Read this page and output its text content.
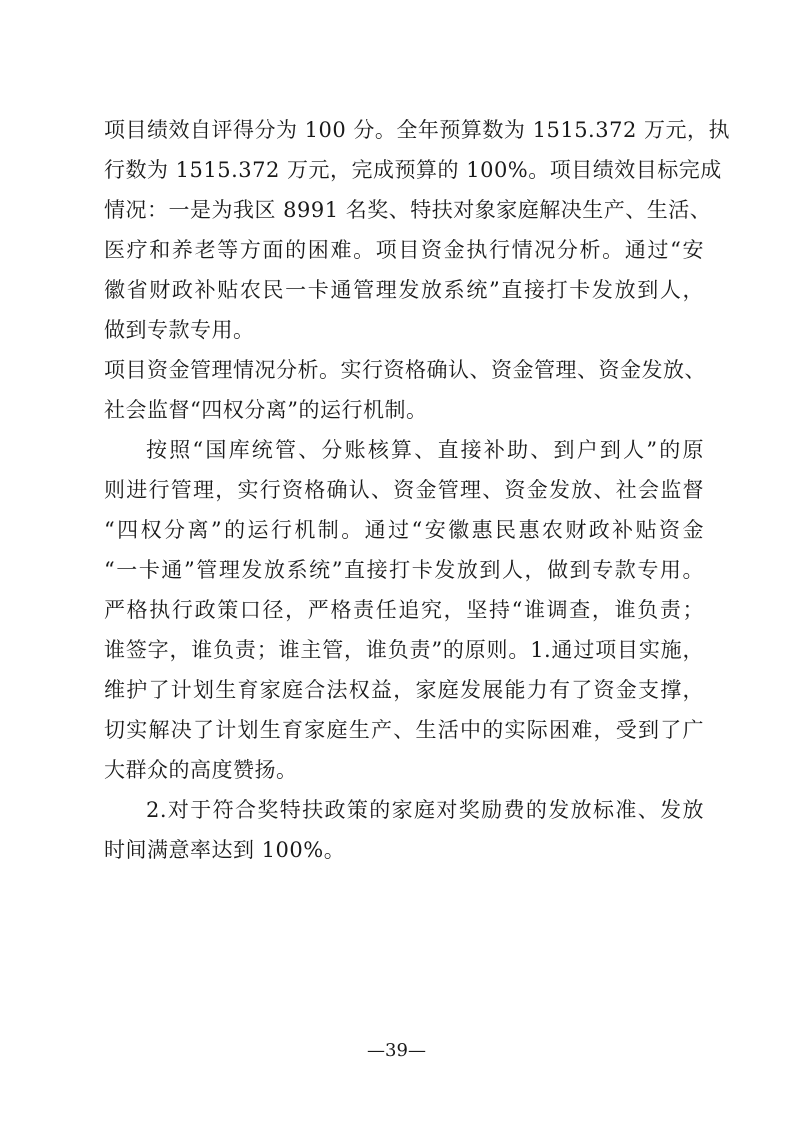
项目绩效自评得分为 100 分。全年预算数为 1515.372 万元，执
行数为 1515.372 万元，完成预算的 100%。项目绩效目标完成
情况：一是为我区 8991 名奖、特扶对象家庭解决生产、生活、
医疗和养老等方面的困难。项目资金执行情况分析。通过“安
徽省财政补贴农民一卡通管理发放系统”直接打卡发放到人，
做到专款专用。
项目资金管理情况分析。实行资格确认、资金管理、资金发放、
社会监督“四权分离”的运行机制。
按照“国库统管、分账核算、直接补助、到户到人”的原
则进行管理，实行资格确认、资金管理、资金发放、社会监督
“四权分离”的运行机制。通过“安徽惠民惠农财政补贴资金
“一卡通”管理发放系统”直接打卡发放到人，做到专款专用。
严格执行政策口径，严格责任追究，坚持“谁调查，谁负责；
谁签字，谁负责；谁主管，谁负责”的原则。1.通过项目实施，
维护了计划生育家庭合法权益，家庭发展能力有了资金支撑，
切实解决了计划生育家庭生产、生活中的实际困难，受到了广
大群众的高度赞扬。
2.对于符合奖特扶政策的家庭对奖励费的发放标准、发放
时间满意率达到 100%。
—39—
